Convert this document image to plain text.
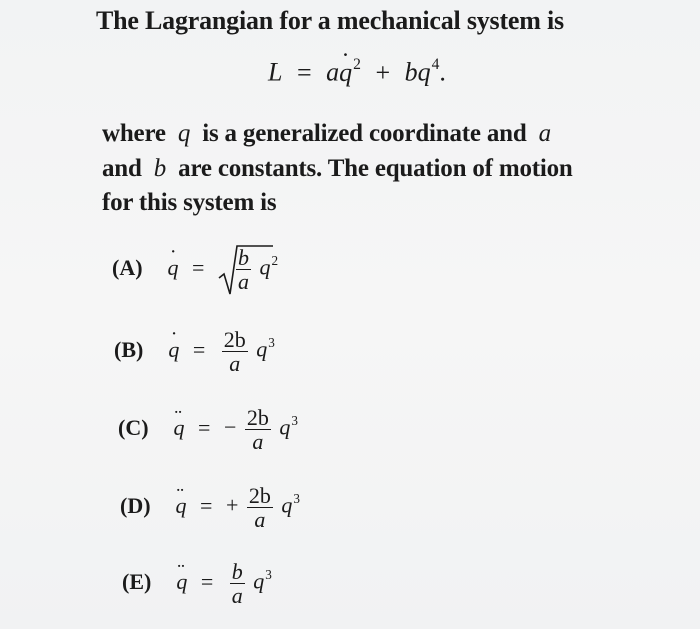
The Lagrangian for a mechanical system is
L = aq ˙$^2$ + $bq^4$.
where q is a generalized coordinate and a
and b are constants. The equation of motion
for this system is
(A) q ˙ = $\frac{b}{a} q^2$
(B) q ˙ = $\frac{2b}{a} q^3$
(C) q ¨ = − $\frac{2b}{a} q^3$
(D) q ¨ = + $\frac{2b}{a} q^3$
(E) q ¨ = $\frac{b}{a} q^3$
